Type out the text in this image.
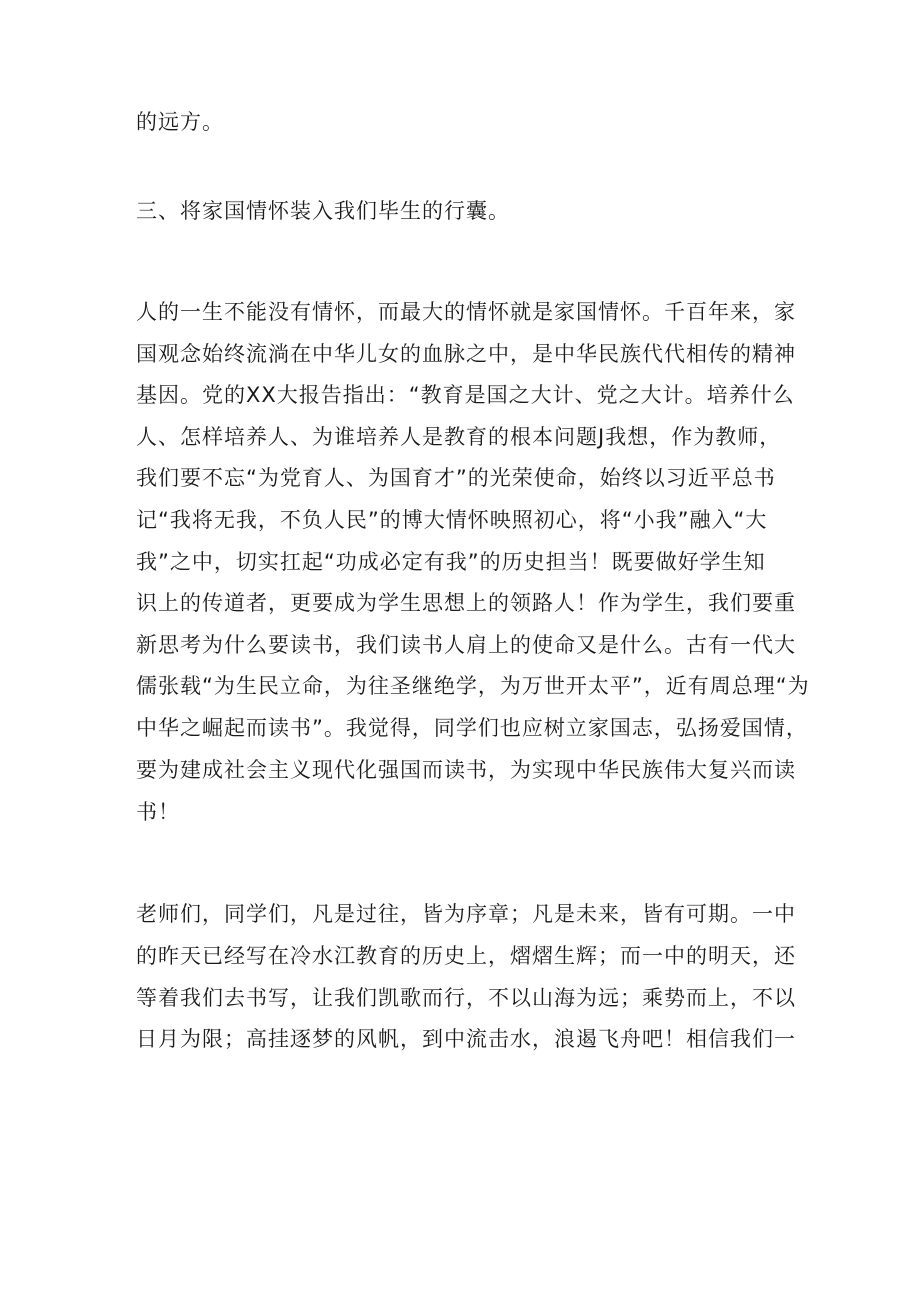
的远方。
三、将家国情怀装入我们毕生的行囊。
人的一生不能没有情怀，而最大的情怀就是家国情怀。千百年来，家
国观念始终流淌在中华儿女的血脉之中，是中华民族代代相传的精神
基因。党的XX大报告指出：“教育是国之大计、党之大计。培养什么
人、怎样培养人、为谁培养人是教育的根本问题J我想，作为教师，
我们要不忘“为党育人、为国育才”的光荣使命，始终以习近平总书
记“我将无我，不负人民”的博大情怀映照初心，将“小我”融入“大
我”之中，切实扛起“功成必定有我”的历史担当！既要做好学生知
识上的传道者，更要成为学生思想上的领路人！作为学生，我们要重
新思考为什么要读书，我们读书人肩上的使命又是什么。古有一代大
儒张载“为生民立命，为往圣继绝学，为万世开太平”，近有周总理“为
中华之崛起而读书”。我觉得，同学们也应树立家国志，弘扬爱国情，
要为建成社会主义现代化强国而读书，为实现中华民族伟大复兴而读
书！
老师们，同学们，凡是过往，皆为序章；凡是未来，皆有可期。一中
的昨天已经写在冷水江教育的历史上，熠熠生辉；而一中的明天，还
等着我们去书写，让我们凯歌而行，不以山海为远；乘势而上，不以
日月为限；高挂逐梦的风帆，到中流击水，浪遏飞舟吧！相信我们一
